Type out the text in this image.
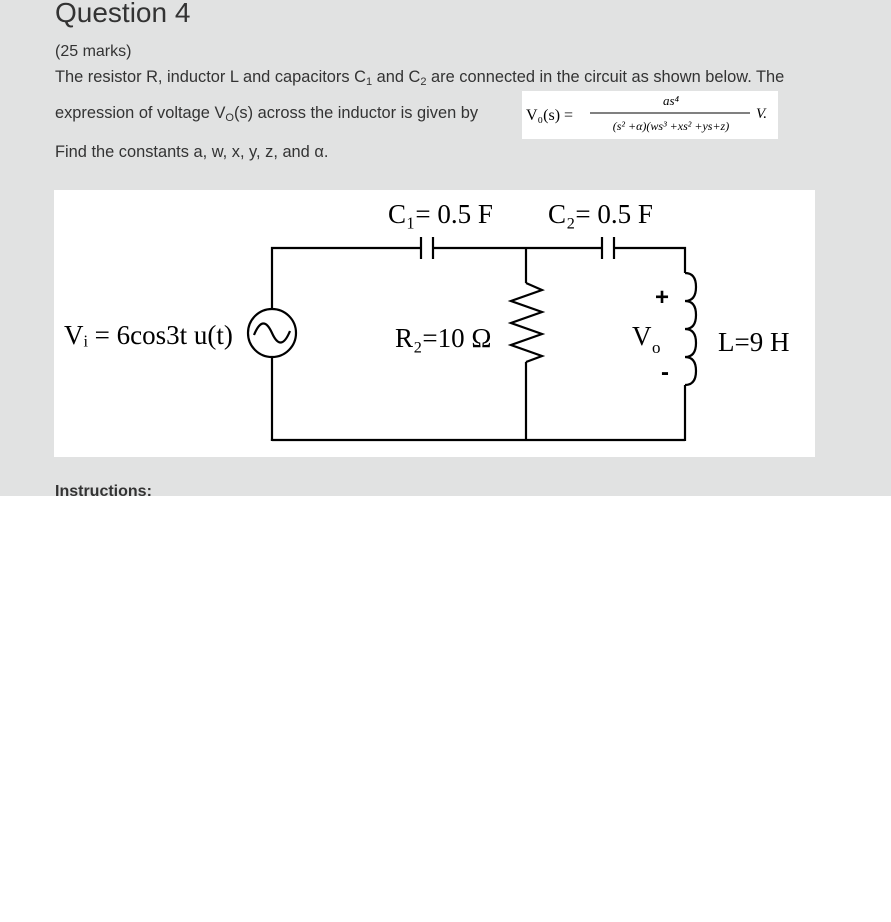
Question 4
(25 marks)
The resistor R, inductor L and capacitors $C_1$ and $C_2$ are connected in the circuit as shown below. The
expression of voltage $V_O(s)$ across the inductor is given by	V₀(s) =
as⁴
(s² +α)(ws³ +xs² +ys+z)
V.
Find the constants a, w, x, y, z, and α.
C₁= 0.5 F C₂= 0.5 F
Vᵢ = 6cos3t u(t)	R₂=10 Ω	V o L=9 H
+
-
Instructions:
